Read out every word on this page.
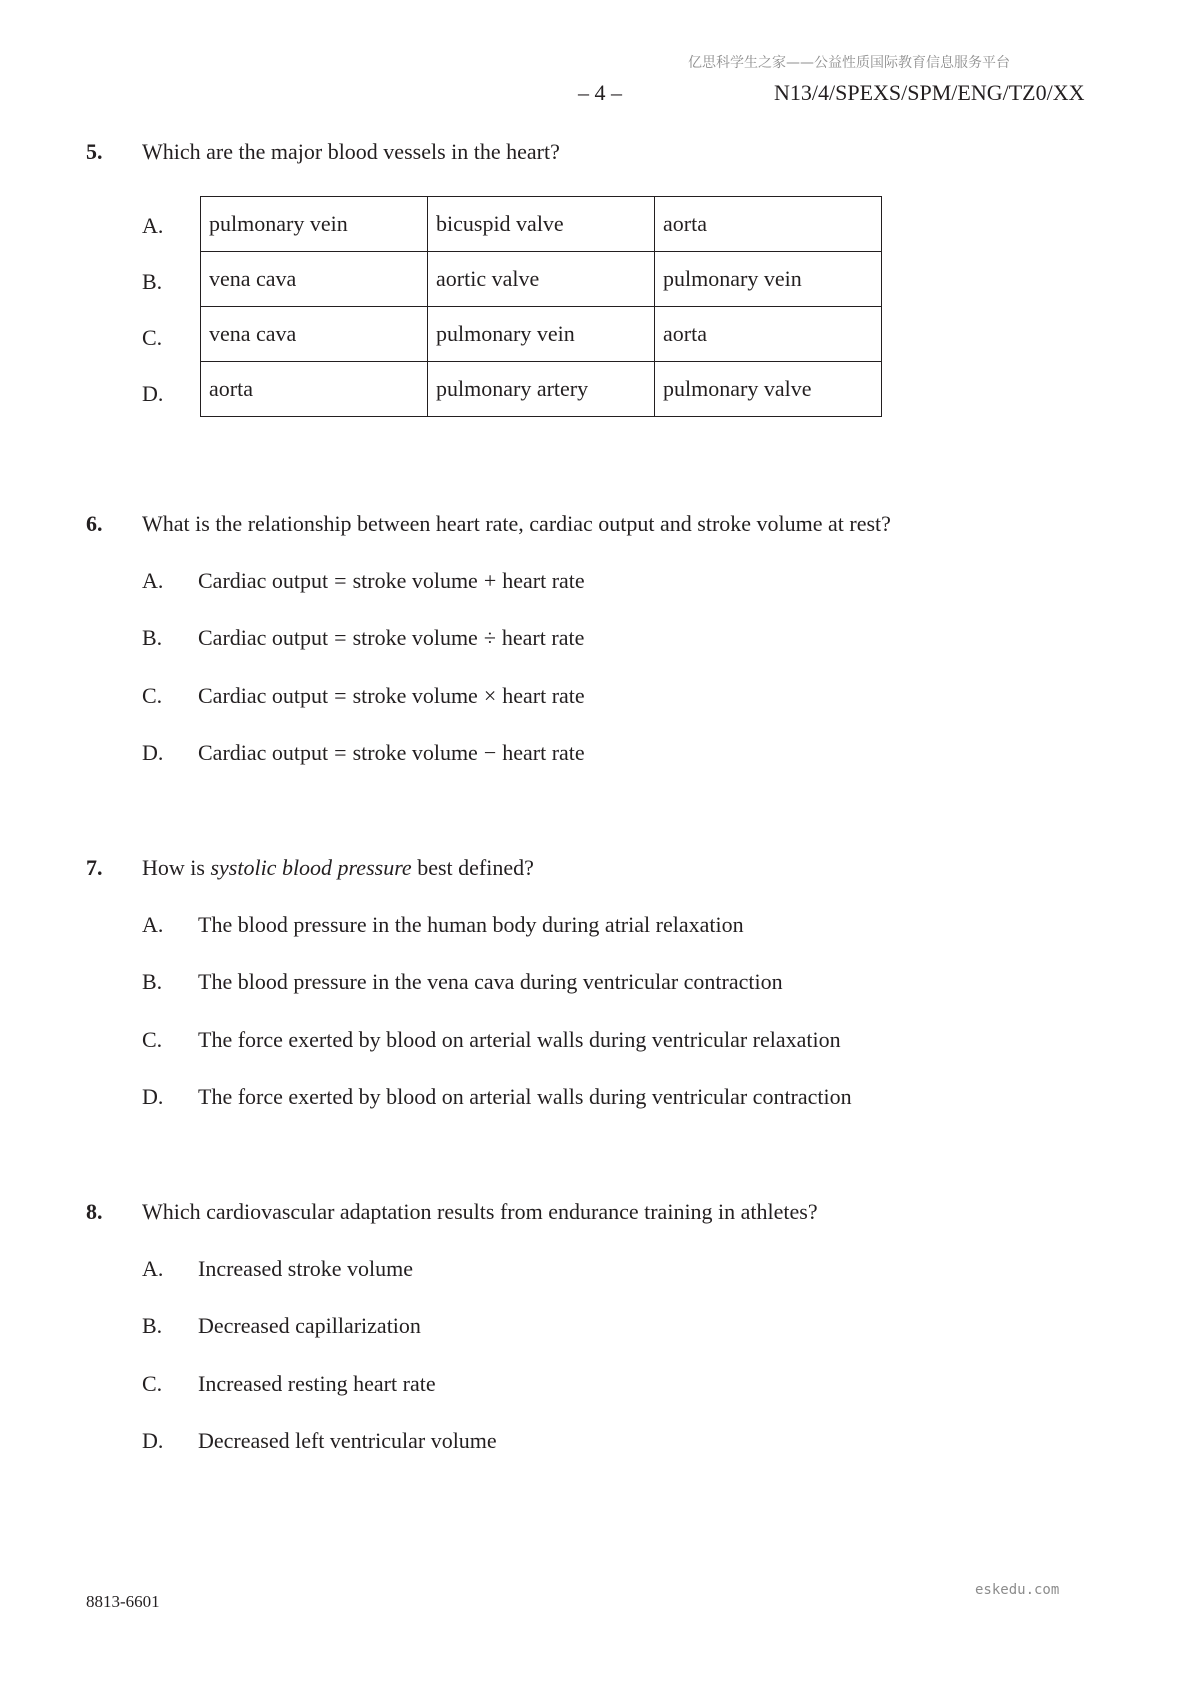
亿思科学生之家——公益性质国际教育信息服务平台
– 4 –	N13/4/SPEXS/SPM/ENG/TZ0/XX
5. Which are the major blood vessels in the heart?
A.
B.
C.
D.
pulmonary vein	bicuspid valve	aorta
vena cava	aortic valve	pulmonary vein
vena cava	pulmonary vein	aorta
aorta	pulmonary artery	pulmonary valve
6. What is the relationship between heart rate, cardiac output and stroke volume at rest?
A. Cardiac output = stroke volume + heart rate
B. Cardiac output = stroke volume ÷ heart rate
C. Cardiac output = stroke volume × heart rate
D. Cardiac output = stroke volume − heart rate
7. How is systolic blood pressure best defined?
A. The blood pressure in the human body during atrial relaxation
B. The blood pressure in the vena cava during ventricular contraction
C. The force exerted by blood on arterial walls during ventricular relaxation
D. The force exerted by blood on arterial walls during ventricular contraction
8. Which cardiovascular adaptation results from endurance training in athletes?
A. Increased stroke volume
B. Decreased capillarization
C. Increased resting heart rate
D. Decreased left ventricular volume
eskedu.com
8813-6601
